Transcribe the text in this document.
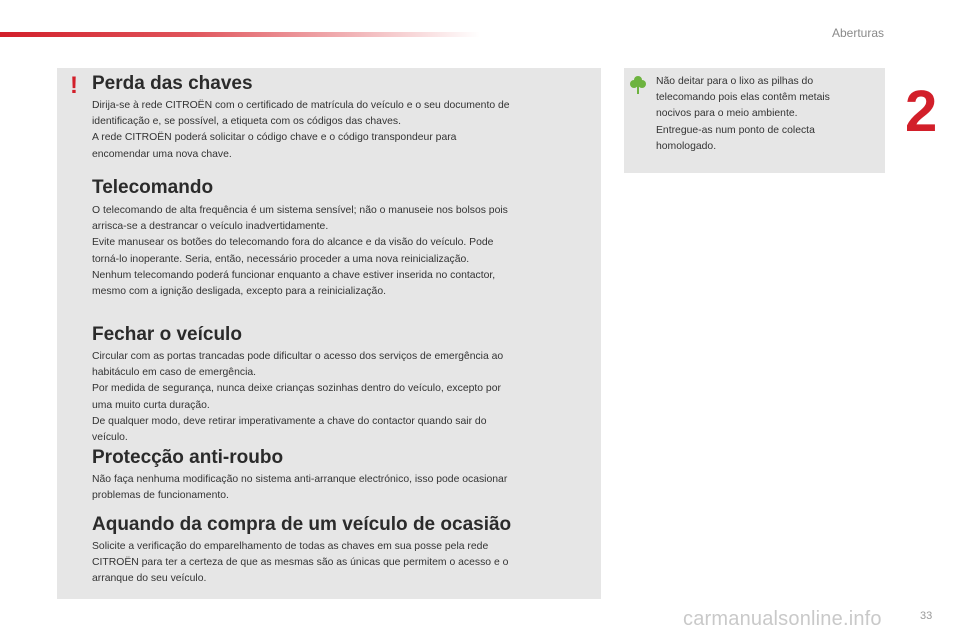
Aberturas
2
! Perda das chaves

Dirija-se à rede CITROËN com o certificado de matrícula do veículo e o seu documento de
identificação e, se possível, a etiqueta com os códigos das chaves.
A rede CITROËN poderá solicitar o código chave e o código transpondeur para
encomendar uma nova chave.

Telecomando

O telecomando de alta frequência é um sistema sensível; não o manuseie nos bolsos pois
arrisca-se a destrancar o veículo inadvertidamente.
Evite manusear os botões do telecomando fora do alcance e da visão do veículo. Pode
torná-lo inoperante. Seria, então, necessário proceder a uma nova reinicialização.
Nenhum telecomando poderá funcionar enquanto a chave estiver inserida no contactor,
mesmo com a ignição desligada, excepto para a reinicialização.

Fechar o veículo

Circular com as portas trancadas pode dificultar o acesso dos serviços de emergência ao
habitáculo em caso de emergência.
Por medida de segurança, nunca deixe crianças sozinhas dentro do veículo, excepto por
uma muito curta duração.
De qualquer modo, deve retirar imperativamente a chave do contactor quando sair do
veículo.

Protecção anti-roubo

Não faça nenhuma modificação no sistema anti-arranque electrónico, isso pode ocasionar
problemas de funcionamento.

Aquando da compra de um veículo de ocasião

Solicite a verificação do emparelhamento de todas as chaves em sua posse pela rede
CITROËN para ter a certeza de que as mesmas são as únicas que permitem o acesso e o
arranque do seu veículo.

Não deitar para o lixo as pilhas do
telecomando pois elas contêm metais
nocivos para o meio ambiente.
Entregue-as num ponto de colecta
homologado.
carmanualsonline.info	33
